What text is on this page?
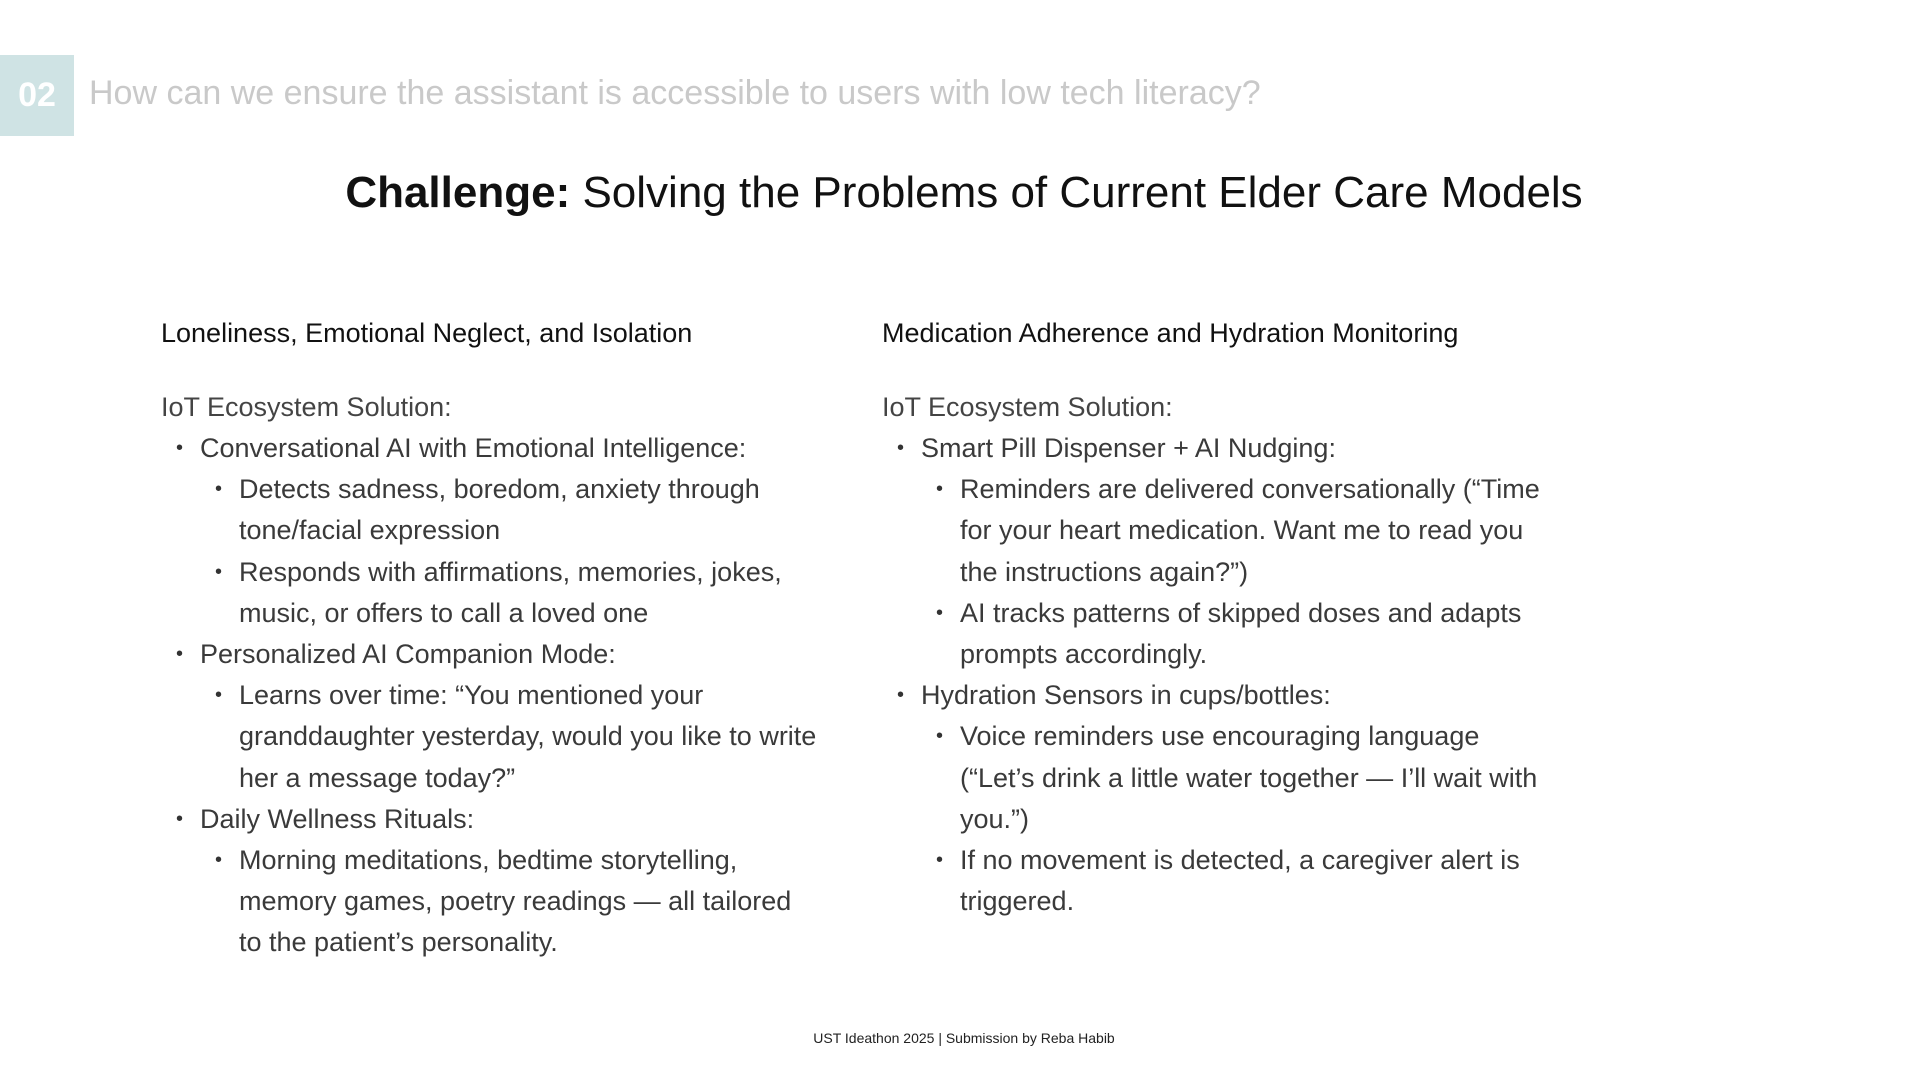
02 How can we ensure the assistant is accessible to users with low tech literacy?
Challenge: Solving the Problems of Current Elder Care Models
Loneliness, Emotional Neglect, and Isolation
IoT Ecosystem Solution:
• Conversational AI with Emotional Intelligence:
• Detects sadness, boredom, anxiety through tone/facial expression
• Responds with affirmations, memories, jokes, music, or offers to call a loved one
• Personalized AI Companion Mode:
• Learns over time: “You mentioned your granddaughter yesterday, would you like to write her a message today?”
• Daily Wellness Rituals:
• Morning meditations, bedtime storytelling, memory games, poetry readings — all tailored to the patient’s personality.
Medication Adherence and Hydration Monitoring
IoT Ecosystem Solution:
• Smart Pill Dispenser + AI Nudging:
• Reminders are delivered conversationally (“Time for your heart medication. Want me to read you the instructions again?”)
• AI tracks patterns of skipped doses and adapts prompts accordingly.
• Hydration Sensors in cups/bottles:
• Voice reminders use encouraging language (“Let’s drink a little water together — I’ll wait with you.”)
• If no movement is detected, a caregiver alert is triggered.
UST Ideathon 2025 | Submission by Reba Habib
